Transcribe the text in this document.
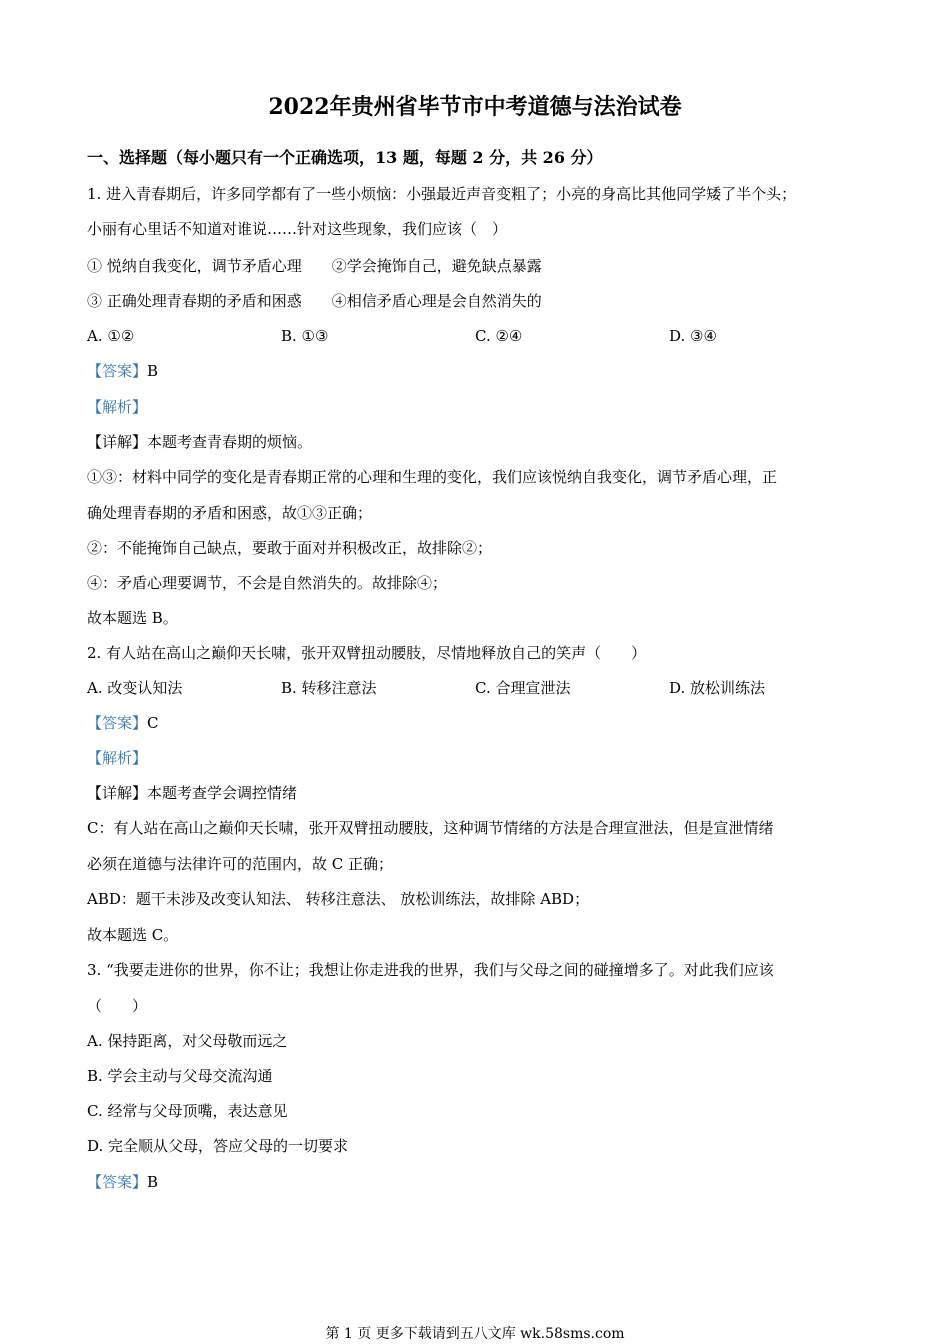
2022年贵州省毕节市中考道德与法治试卷
一、选择题（每小题只有一个正确选项，13 题，每题 2 分，共 26 分）
1. 进入青春期后，许多同学都有了一些小烦恼：小强最近声音变粗了；小亮的身高比其他同学矮了半个头；
小丽有心里话不知道对谁说……针对这些现象，我们应该（　）
① 悦纳自我变化，调节矛盾心理　　②学会掩饰自己，避免缺点暴露
③ 正确处理青春期的矛盾和困惑　　④相信矛盾心理是会自然消失的
A. ①②	B. ①③	C. ②④	D. ③④
【答案】B
【解析】
【详解】本题考查青春期的烦恼。
①③：材料中同学的变化是青春期正常的心理和生理的变化，我们应该悦纳自我变化，调节矛盾心理，正
确处理青春期的矛盾和困惑，故①③正确；
②：不能掩饰自己缺点，要敢于面对并积极改正，故排除②；
④：矛盾心理要调节，不会是自然消失的。故排除④；
故本题选 B。
2. 有人站在高山之巅仰天长啸，张开双臂扭动腰肢，尽情地释放自己的笑声（　　）
A. 改变认知法	B. 转移注意法	C. 合理宣泄法	D. 放松训练法
【答案】C
【解析】
【详解】本题考查学会调控情绪
C：有人站在高山之巅仰天长啸，张开双臂扭动腰肢，这种调节情绪的方法是合理宣泄法，但是宣泄情绪
必须在道德与法律许可的范围内，故 C 正确；
ABD：题干未涉及改变认知法、 转移注意法、 放松训练法，故排除 ABD；
故本题选 C。
3. “我要走进你的世界，你不让；我想让你走进我的世界，我们与父母之间的碰撞增多了。对此我们应该
（　　）
A. 保持距离，对父母敬而远之
B. 学会主动与父母交流沟通
C. 经常与父母顶嘴，表达意见
D. 完全顺从父母，答应父母的一切要求
【答案】B
第 1 页 更多下载请到五八文库 wk.58sms.com
